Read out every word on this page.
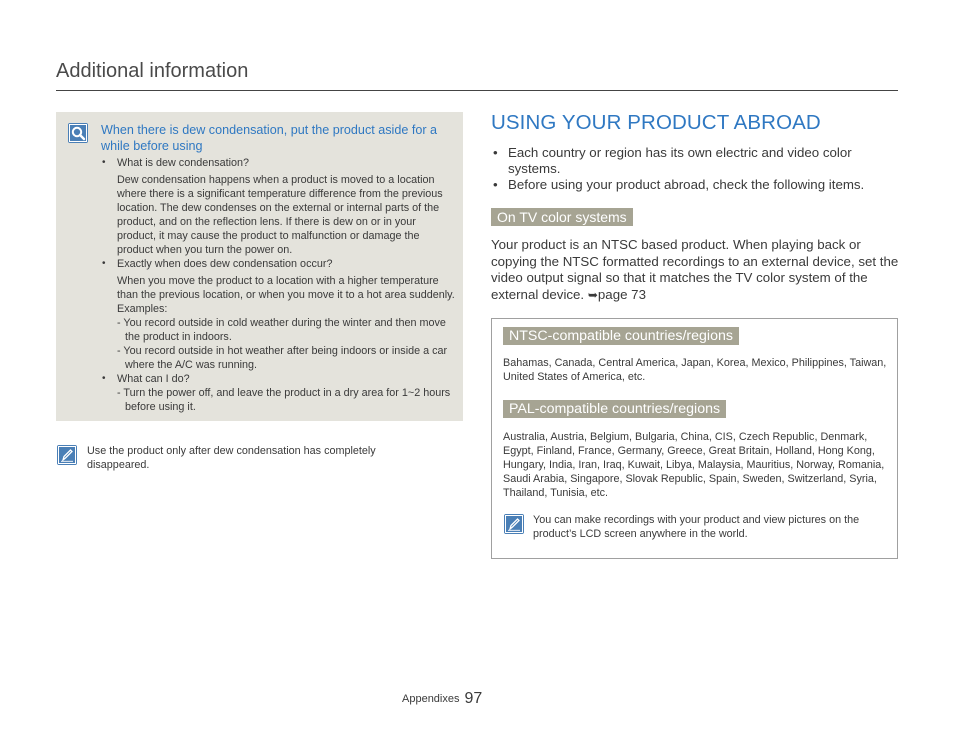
Additional information
When there is dew condensation, put the product aside for a while before using

• What is dew condensation?

Dew condensation happens when a product is moved to a location where there is a significant temperature difference from the previous location. The dew condenses on the external or internal parts of the product, and on the reflection lens. If there is dew on or in your product, it may cause the product to malfunction or damage the product when you turn the power on.

• Exactly when does dew condensation occur?

When you move the product to a location with a higher temperature than the previous location, or when you move it to a hot area suddenly. Examples:

- You record outside in cold weather during the winter and then move the product in indoors.

- You record outside in hot weather after being indoors or inside a car where the A/C was running.

• What can I do?

- Turn the power off, and leave the product in a dry area for 1~2 hours before using it.

Use the product only after dew condensation has completely disappeared.
USING YOUR PRODUCT ABROAD

• Each country or region has its own electric and video color systems.

• Before using your product abroad, check the following items.

On TV color systems
Your product is an NTSC based product. When playing back or copying the NTSC formatted recordings to an external device, set the video output signal so that it matches the TV color system of the external device. ➥page 73
NTSC-compatible countries/regions
Bahamas, Canada, Central America, Japan, Korea, Mexico, Philippines, Taiwan, United States of America, etc.
PAL-compatible countries/regions
Australia, Austria, Belgium, Bulgaria, China, CIS, Czech Republic, Denmark, Egypt, Finland, France, Germany, Greece, Great Britain, Holland, Hong Kong, Hungary, India, Iran, Iraq, Kuwait, Libya, Malaysia, Mauritius, Norway, Romania, Saudi Arabia, Singapore, Slovak Republic, Spain, Sweden, Switzerland, Syria, Thailand, Tunisia, etc.
You can make recordings with your product and view pictures on the product’s LCD screen anywhere in the world.
Appendixes 97
